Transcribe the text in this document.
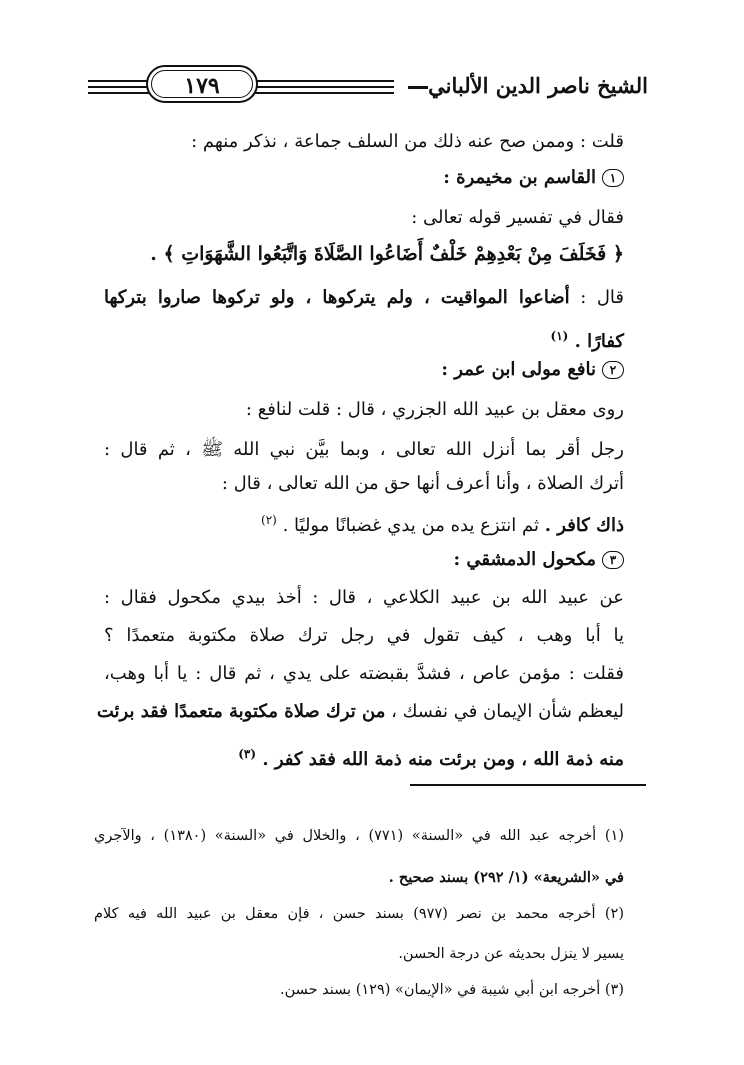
الشيخ ناصر الدين الألباني
١٧٩
قلت : وممن صح عنه ذلك من السلف جماعة ، نذكر منهم :
١القاسم بن مخيمرة :
فقال في تفسير قوله تعالى :
﴿ فَخَلَفَ مِنْ بَعْدِهِمْ خَلْفٌ أَضَاعُوا الصَّلَاةَ وَاتَّبَعُوا الشَّهَوَاتِ ﴾ .
قال : أضاعوا المواقيت ، ولم يتركوها ، ولو تركوها صاروا بتركها
كفارًا . $^{(١)}$
٢نافع مولى ابن عمر :
روى معقل بن عبيد الله الجزري ، قال : قلت لنافع :
رجل أقر بما أنزل الله تعالى ، وبما بيَّن نبي الله ﷺ ، ثم قال :
أترك الصلاة ، وأنا أعرف أنها حق من الله تعالى ، قال :
ذاك كافر . ثم انتزع يده من يدي غضبانًا موليًا . $^{(٢)}$
٣مكحول الدمشقي :
عن عبيد الله بن عبيد الكلاعي ، قال : أخذ بيدي مكحول فقال :
يا أبا وهب ، كيف تقول في رجل ترك صلاة مكتوبة متعمدًا ؟
فقلت : مؤمن عاص ، فشدَّ بقبضته على يدي ، ثم قال : يا أبا وهب،
ليعظم شأن الإيمان في نفسك ، من ترك صلاة مكتوبة متعمدًا فقد برئت
منه ذمة الله ، ومن برئت منه ذمة الله فقد كفر . $^{(٣)}$
(١) أخرجه عبد الله في «السنة» (٧٧١) ، والخلال في «السنة» (١٣٨٠) ، والآجري
في «الشريعة» (١/ ٢٩٢) بسند صحيح .
(٢) أخرجه محمد بن نصر (٩٧٧) بسند حسن ، فإن معقل بن عبيد الله فيه كلام
يسير لا ينزل بحديثه عن درجة الحسن.
(٣) أخرجه ابن أبي شيبة في «الإيمان» (١٢٩) بسند حسن.
